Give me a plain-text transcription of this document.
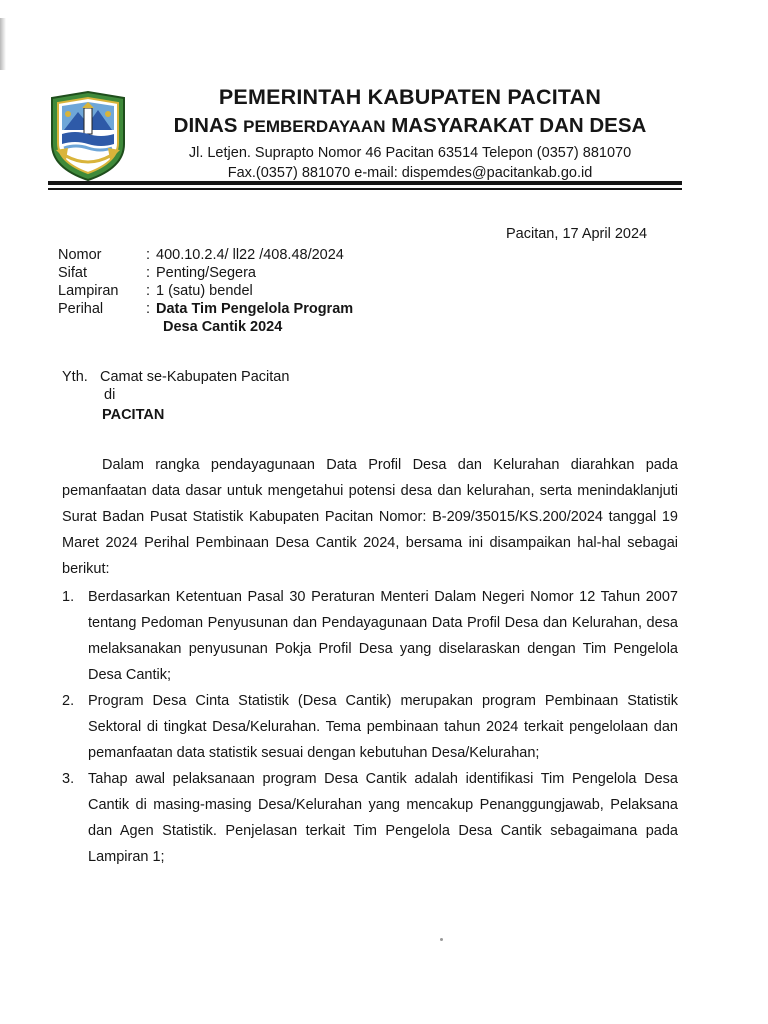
PEMERINTAH KABUPATEN PACITAN
DINAS PEMBERDAYAAN MASYARAKAT DAN DESA
Jl. Letjen. Suprapto Nomor 46 Pacitan 63514 Telepon (0357) 881070
Fax.(0357) 881070 e-mail: dispemdes@pacitankab.go.id
Pacitan, 17 April 2024
Nomor	: 400.10.2.4/ ll22 /408.48/2024
Sifat	: Penting/Segera
Lampiran	: 1 (satu) bendel
Perihal	: Data Tim Pengelola Program
Desa Cantik 2024
Yth. Camat se-Kabupaten Pacitan
di
PACITAN

Dalam rangka pendayagunaan Data Profil Desa dan Kelurahan diarahkan pada pemanfaatan data dasar untuk mengetahui potensi desa dan kelurahan, serta menindaklanjuti Surat Badan Pusat Statistik Kabupaten Pacitan Nomor: B-209/35015/KS.200/2024 tanggal 19 Maret 2024 Perihal Pembinaan Desa Cantik 2024, bersama ini disampaikan hal-hal sebagai berikut:

1. Berdasarkan Ketentuan Pasal 30 Peraturan Menteri Dalam Negeri Nomor 12 Tahun 2007 tentang Pedoman Penyusunan dan Pendayagunaan Data Profil Desa dan Kelurahan, desa melaksanakan penyusunan Pokja Profil Desa yang diselaraskan dengan Tim Pengelola Desa Cantik;
2. Program Desa Cinta Statistik (Desa Cantik) merupakan program Pembinaan Statistik Sektoral di tingkat Desa/Kelurahan. Tema pembinaan tahun 2024 terkait pengelolaan dan pemanfaatan data statistik sesuai dengan kebutuhan Desa/Kelurahan;
3. Tahap awal pelaksanaan program Desa Cantik adalah identifikasi Tim Pengelola Desa Cantik di masing-masing Desa/Kelurahan yang mencakup Penanggungjawab, Pelaksana dan Agen Statistik. Penjelasan terkait Tim Pengelola Desa Cantik sebagaimana pada Lampiran 1;
